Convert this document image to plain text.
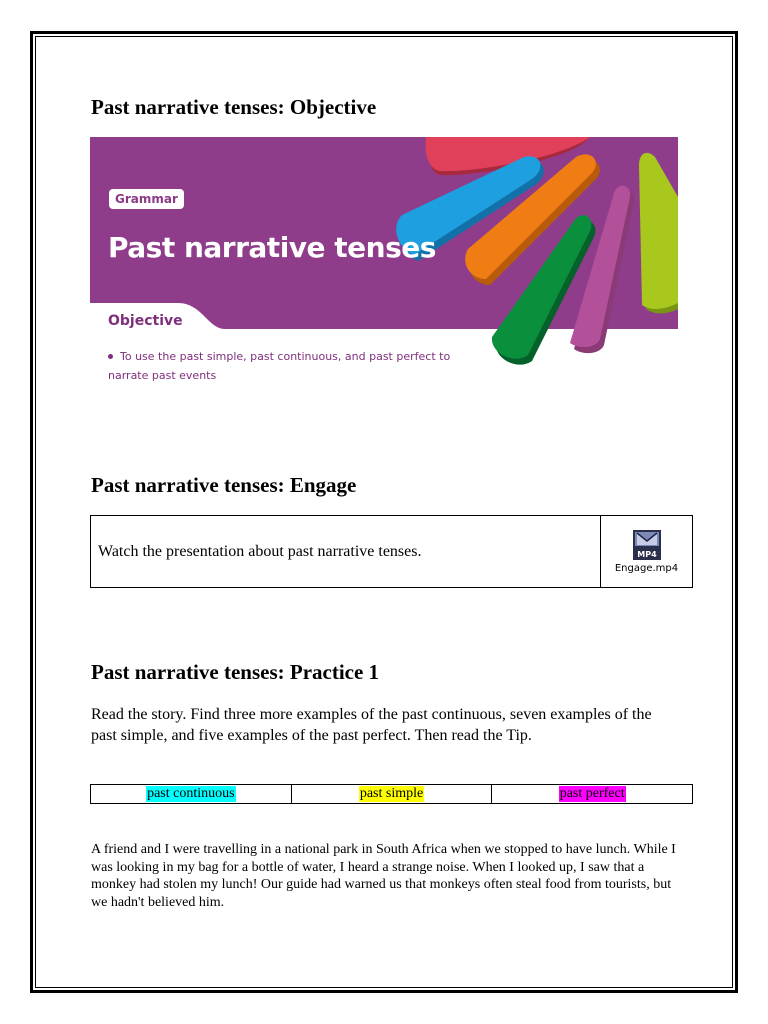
Past narrative tenses: Objective
Grammar
Past narrative tenses
Objective
To use the past simple, past continuous, and past perfect to narrate past events
Past narrative tenses: Engage
Watch the presentation about past narrative tenses.	MP4
Engage.mp4
Past narrative tenses: Practice 1

Read the story. Find three more examples of the past continuous, seven examples of the past simple, and five examples of the past perfect. Then read the Tip.

past continuous	past simple	past perfect

A friend and I were travelling in a national park in South Africa when we stopped to have lunch. While I was looking in my bag for a bottle of water, I heard a strange noise. When I looked up, I saw that a monkey had stolen my lunch! Our guide had warned us that monkeys often steal food from tourists, but we hadn't believed him.
